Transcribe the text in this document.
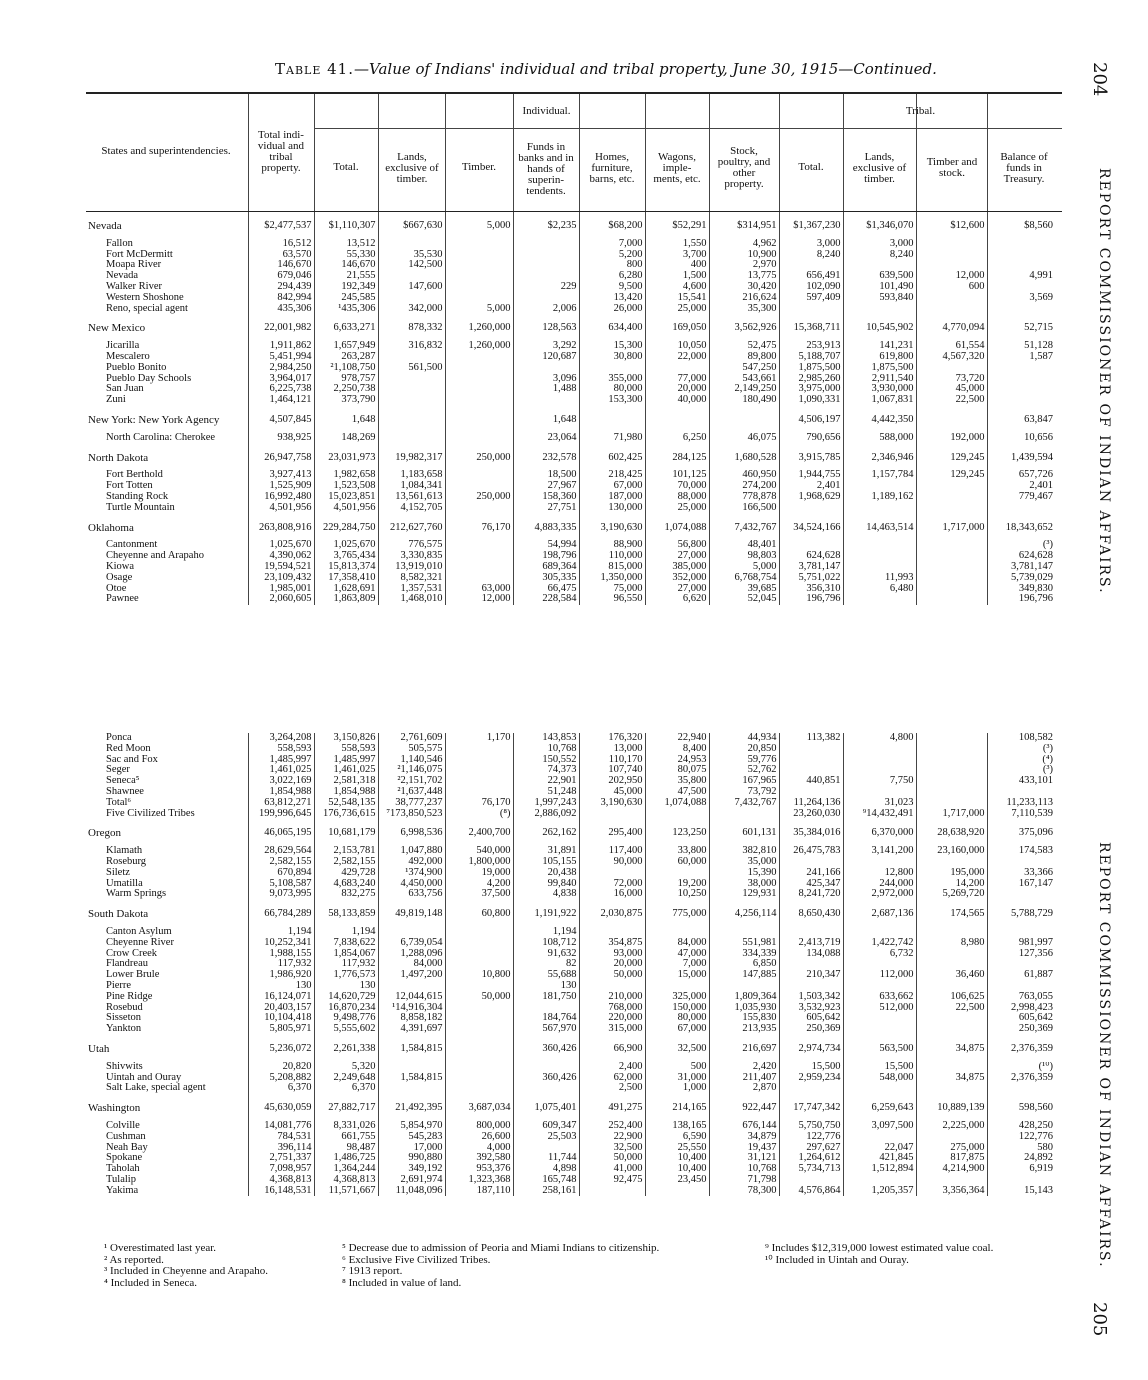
Table 41.—Value of Indians' individual and tribal property, June 30, 1915—Continued.
States and superintendencies.
Total indi- vidual and tribal property.
Individual.	Tribal.
Total.
Lands, exclusive of timber.
Timber.
Funds in banks and in hands of superin- tendents.
Homes, furniture, barns, etc.
Wagons, imple- ments, etc.
Stock, poultry, and other property.
Total.
Lands, exclusive of timber.
Timber and stock.
Balance of funds in Treasury.
Nevada	$2,477,537	$1,110,307	$667,630	5,000	$2,235	$68,200	$52,291	$314,951	$1,367,230	$1,346,070	$12,600	$8,560
Fallon	16,512	13,512				7,000	1,550	4,962	3,000	3,000		
Fort McDermitt	63,570	55,330	35,530			5,200	3,700	10,900	8,240	8,240		
Moapa River	146,670	146,670	142,500			800	400	2,970				
Nevada	679,046	21,555				6,280	1,500	13,775	656,491	639,500	12,000	4,991
Walker River	294,439	192,349	147,600		229	9,500	4,600	30,420	102,090	101,490	600	
Western Shoshone	842,994	245,585				13,420	15,541	216,624	597,409	593,840		3,569
Reno, special agent	435,306	¹435,306	342,000	5,000	2,006	26,000	25,000	35,300				
New Mexico	22,001,982	6,633,271	878,332	1,260,000	128,563	634,400	169,050	3,562,926	15,368,711	10,545,902	4,770,094	52,715
Jicarilla	1,911,862	1,657,949	316,832	1,260,000	3,292	15,300	10,050	52,475	253,913	141,231	61,554	51,128
Mescalero	5,451,994	263,287			120,687	30,800	22,000	89,800	5,188,707	619,800	4,567,320	1,587
Pueblo Bonito	2,984,250	²1,108,750	561,500					547,250	1,875,500	1,875,500		
Pueblo Day Schools	3,964,017	978,757			3,096	355,000	77,000	543,661	2,985,260	2,911,540	73,720	
San Juan	6,225,738	2,250,738			1,488	80,000	20,000	2,149,250	3,975,000	3,930,000	45,000	
Zuni	1,464,121	373,790				153,300	40,000	180,490	1,090,331	1,067,831	22,500	
New York: New York Agency	4,507,845	1,648			1,648				4,506,197	4,442,350		63,847
North Carolina: Cherokee	938,925	148,269			23,064	71,980	6,250	46,075	790,656	588,000	192,000	10,656
North Dakota	26,947,758	23,031,973	19,982,317	250,000	232,578	602,425	284,125	1,680,528	3,915,785	2,346,946	129,245	1,439,594
Fort Berthold	3,927,413	1,982,658	1,183,658		18,500	218,425	101,125	460,950	1,944,755	1,157,784	129,245	657,726
Fort Totten	1,525,909	1,523,508	1,084,341		27,967	67,000	70,000	274,200	2,401			2,401
Standing Rock	16,992,480	15,023,851	13,561,613	250,000	158,360	187,000	88,000	778,878	1,968,629	1,189,162		779,467
Turtle Mountain	4,501,956	4,501,956	4,152,705		27,751	130,000	25,000	166,500				
Oklahoma	263,808,916	229,284,750	212,627,760	76,170	4,883,335	3,190,630	1,074,088	7,432,767	34,524,166	14,463,514	1,717,000	18,343,652
Cantonment	1,025,670	1,025,670	776,575		54,994	88,900	56,800	48,401				(³)
Cheyenne and Arapaho	4,390,062	3,765,434	3,330,835		198,796	110,000	27,000	98,803	624,628			624,628
Kiowa	19,594,521	15,813,374	13,919,010		689,364	815,000	385,000	5,000	3,781,147			3,781,147
Osage	23,109,432	17,358,410	8,582,321		305,335	1,350,000	352,000	6,768,754	5,751,022	11,993		5,739,029
Otoe	1,985,001	1,628,691	1,357,531	63,000	66,475	75,000	27,000	39,685	356,310	6,480		349,830
Pawnee	2,060,605	1,863,809	1,468,010	12,000	228,584	96,550	6,620	52,045	196,796			196,796
Ponca	3,264,208	3,150,826	2,761,609	1,170	143,853	176,320	22,940	44,934	113,382	4,800		108,582
Red Moon	558,593	558,593	505,575		10,768	13,000	8,400	20,850				(³)
Sac and Fox	1,485,997	1,485,997	1,140,546		150,552	110,170	24,953	59,776				(⁴)
Seger	1,461,025	1,461,025	²1,146,075		74,373	107,740	80,075	52,762				(³)
Seneca⁵	3,022,169	2,581,318	²2,151,702		22,901	202,950	35,800	167,965	440,851	7,750		433,101
Shawnee	1,854,988	1,854,988	²1,637,448		51,248	45,000	47,500	73,792				
Total⁶	63,812,271	52,548,135	38,777,237	76,170	1,997,243	3,190,630	1,074,088	7,432,767	11,264,136	31,023		11,233,113
Five Civilized Tribes	199,996,645	176,736,615	⁷173,850,523	(⁸)	2,886,092				23,260,030	⁹14,432,491	1,717,000	7,110,539
Oregon	46,065,195	10,681,179	6,998,536	2,400,700	262,162	295,400	123,250	601,131	35,384,016	6,370,000	28,638,920	375,096
Klamath	28,629,564	2,153,781	1,047,880	540,000	31,891	117,400	33,800	382,810	26,475,783	3,141,200	23,160,000	174,583
Roseburg	2,582,155	2,582,155	492,000	1,800,000	105,155	90,000	60,000	35,000				
Siletz	670,894	429,728	¹374,900	19,000	20,438			15,390	241,166	12,800	195,000	33,366
Umatilla	5,108,587	4,683,240	4,450,000	4,200	99,840	72,000	19,200	38,000	425,347	244,000	14,200	167,147
Warm Springs	9,073,995	832,275	633,756	37,500	4,838	16,000	10,250	129,931	8,241,720	2,972,000	5,269,720	
South Dakota	66,784,289	58,133,859	49,819,148	60,800	1,191,922	2,030,875	775,000	4,256,114	8,650,430	2,687,136	174,565	5,788,729
Canton Asylum	1,194	1,194			1,194							
Cheyenne River	10,252,341	7,838,622	6,739,054		108,712	354,875	84,000	551,981	2,413,719	1,422,742	8,980	981,997
Crow Creek	1,988,155	1,854,067	1,288,096		91,632	93,000	47,000	334,339	134,088	6,732		127,356
Flandreau	117,932	117,932	84,000		82	20,000	7,000	6,850				
Lower Brule	1,986,920	1,776,573	1,497,200	10,800	55,688	50,000	15,000	147,885	210,347	112,000	36,460	61,887
Pierre	130	130			130							
Pine Ridge	16,124,071	14,620,729	12,044,615	50,000	181,750	210,000	325,000	1,809,364	1,503,342	633,662	106,625	763,055
Rosebud	20,403,157	16,870,234	¹14,916,304			768,000	150,000	1,035,930	3,532,923	512,000	22,500	2,998,423
Sisseton	10,104,418	9,498,776	8,858,182		184,764	220,000	80,000	155,830	605,642			605,642
Yankton	5,805,971	5,555,602	4,391,697		567,970	315,000	67,000	213,935	250,369			250,369
Utah	5,236,072	2,261,338	1,584,815		360,426	66,900	32,500	216,697	2,974,734	563,500	34,875	2,376,359
Shivwits	20,820	5,320				2,400	500	2,420	15,500	15,500		(¹⁰)
Uintah and Ouray	5,208,882	2,249,648	1,584,815		360,426	62,000	31,000	211,407	2,959,234	548,000	34,875	2,376,359
Salt Lake, special agent	6,370	6,370				2,500	1,000	2,870				
Washington	45,630,059	27,882,717	21,492,395	3,687,034	1,075,401	491,275	214,165	922,447	17,747,342	6,259,643	10,889,139	598,560
Colville	14,081,776	8,331,026	5,854,970	800,000	609,347	252,400	138,165	676,144	5,750,750	3,097,500	2,225,000	428,250
Cushman	784,531	661,755	545,283	26,600	25,503	22,900	6,590	34,879	122,776			122,776
Neah Bay	396,114	98,487	17,000	4,000		32,500	25,550	19,437	297,627	22,047	275,000	580
Spokane	2,751,337	1,486,725	990,880	392,580	11,744	50,000	10,400	31,121	1,264,612	421,845	817,875	24,892
Taholah	7,098,957	1,364,244	349,192	953,376	4,898	41,000	10,400	10,768	5,734,713	1,512,894	4,214,900	6,919
Tulalip	4,368,813	4,368,813	2,691,974	1,323,368	165,748	92,475	23,450	71,798				
Yakima	16,148,531	11,571,667	11,048,096	187,110	258,161			78,300	4,576,864	1,205,357	3,356,364	15,143
¹ Overestimated last year.
² As reported.
³ Included in Cheyenne and Arapaho.
⁴ Included in Seneca.
⁵ Decrease due to admission of Peoria and Miami Indians to citizenship.
⁶ Exclusive Five Civilized Tribes.
⁷ 1913 report.
⁸ Included in value of land.
⁹ Includes $12,319,000 lowest estimated value coal.
¹⁰ Included in Uintah and Ouray.
204
205
REPORT COMMISSIONER OF INDIAN AFFAIRS.
REPORT COMMISSIONER OF INDIAN AFFAIRS.
